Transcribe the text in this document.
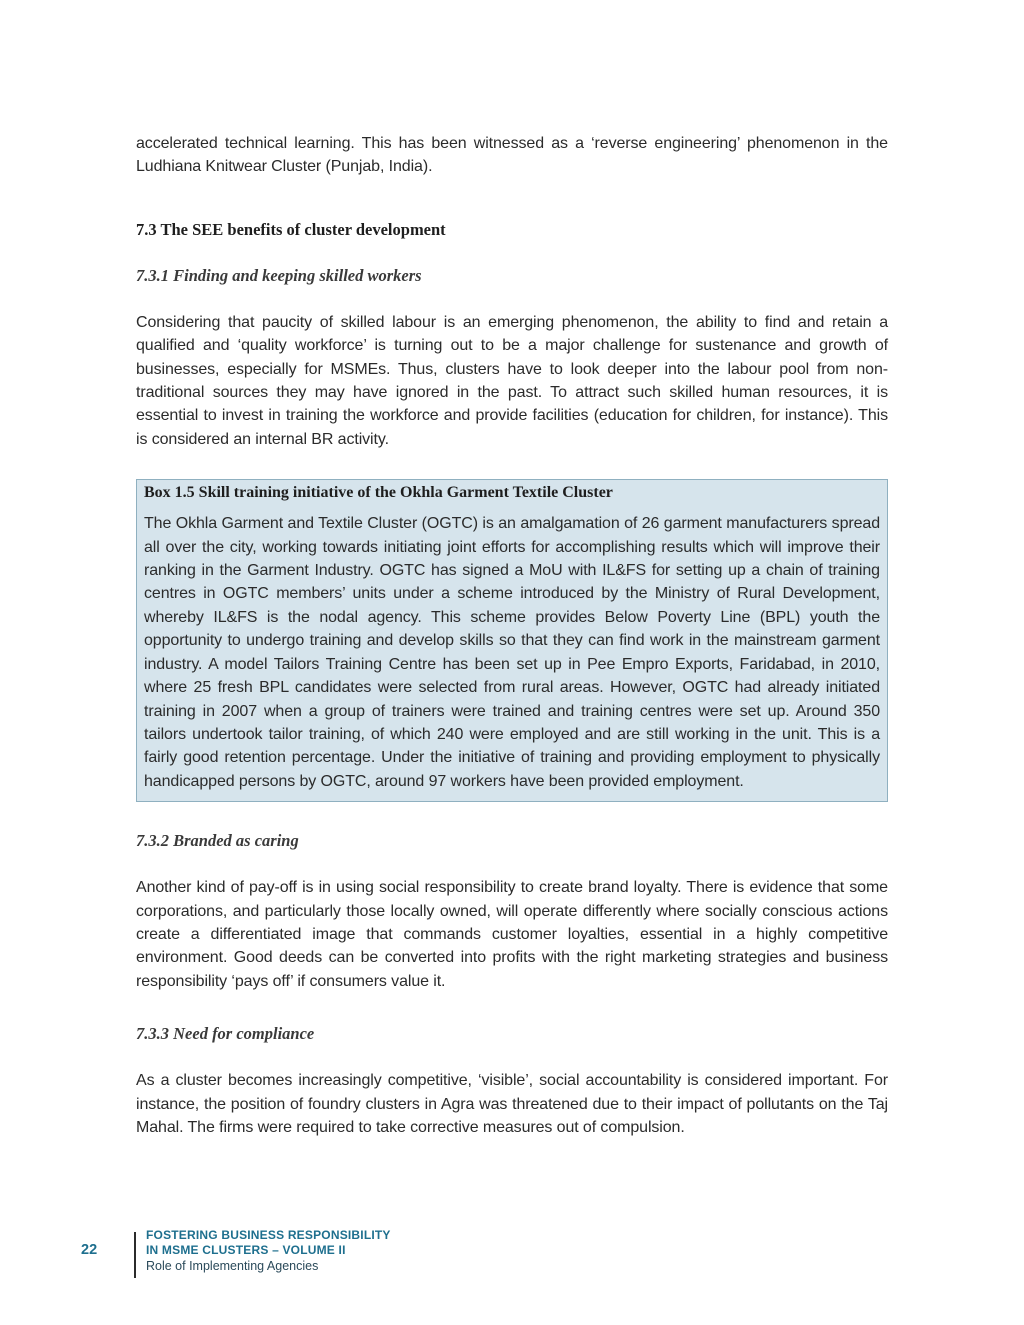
accelerated technical learning. This has been witnessed as a ‘reverse engineering’ phenomenon in the Ludhiana Knitwear Cluster (Punjab, India).

7.3 The SEE benefits of cluster development
7.3.1 Finding and keeping skilled workers

Considering that paucity of skilled labour is an emerging phenomenon, the ability to find and retain a qualified and ‘quality workforce’ is turning out to be a major challenge for sustenance and growth of businesses, especially for MSMEs. Thus, clusters have to look deeper into the labour pool from non-traditional sources they may have ignored in the past. To attract such skilled human resources, it is essential to invest in training the workforce and provide facilities (education for children, for instance). This is considered an internal BR activity.

Box 1.5 Skill training initiative of the Okhla Garment Textile Cluster

The Okhla Garment and Textile Cluster (OGTC) is an amalgamation of 26 garment manufacturers spread all over the city, working towards initiating joint efforts for accomplishing results which will improve their ranking in the Garment Industry. OGTC has signed a MoU with IL&FS for setting up a chain of training centres in OGTC members’ units under a scheme introduced by the Ministry of Rural Development, whereby IL&FS is the nodal agency. This scheme provides Below Poverty Line (BPL) youth the opportunity to undergo training and develop skills so that they can find work in the mainstream garment industry. A model Tailors Training Centre has been set up in Pee Empro Exports, Faridabad, in 2010, where 25 fresh BPL candidates were selected from rural areas. However, OGTC had already initiated training in 2007 when a group of trainers were trained and training centres were set up. Around 350 tailors undertook tailor training, of which 240 were employed and are still working in the unit. This is a fairly good retention percentage. Under the initiative of training and providing employment to physically handicapped persons by OGTC, around 97 workers have been provided employment.

7.3.2 Branded as caring

Another kind of pay-off is in using social responsibility to create brand loyalty. There is evidence that some corporations, and particularly those locally owned, will operate differently where socially conscious actions create a differentiated image that commands customer loyalties, essential in a highly competitive environment. Good deeds can be converted into profits with the right marketing strategies and business responsibility ‘pays off’ if consumers value it.

7.3.3 Need for compliance

As a cluster becomes increasingly competitive, ‘visible’, social accountability is considered important. For instance, the position of foundry clusters in Agra was threatened due to their impact of pollutants on the Taj Mahal. The firms were required to take corrective measures out of compulsion.

22
FOSTERING BUSINESS RESPONSIBILITY
IN MSME CLUSTERS – VOLUME II
Role of Implementing Agencies
